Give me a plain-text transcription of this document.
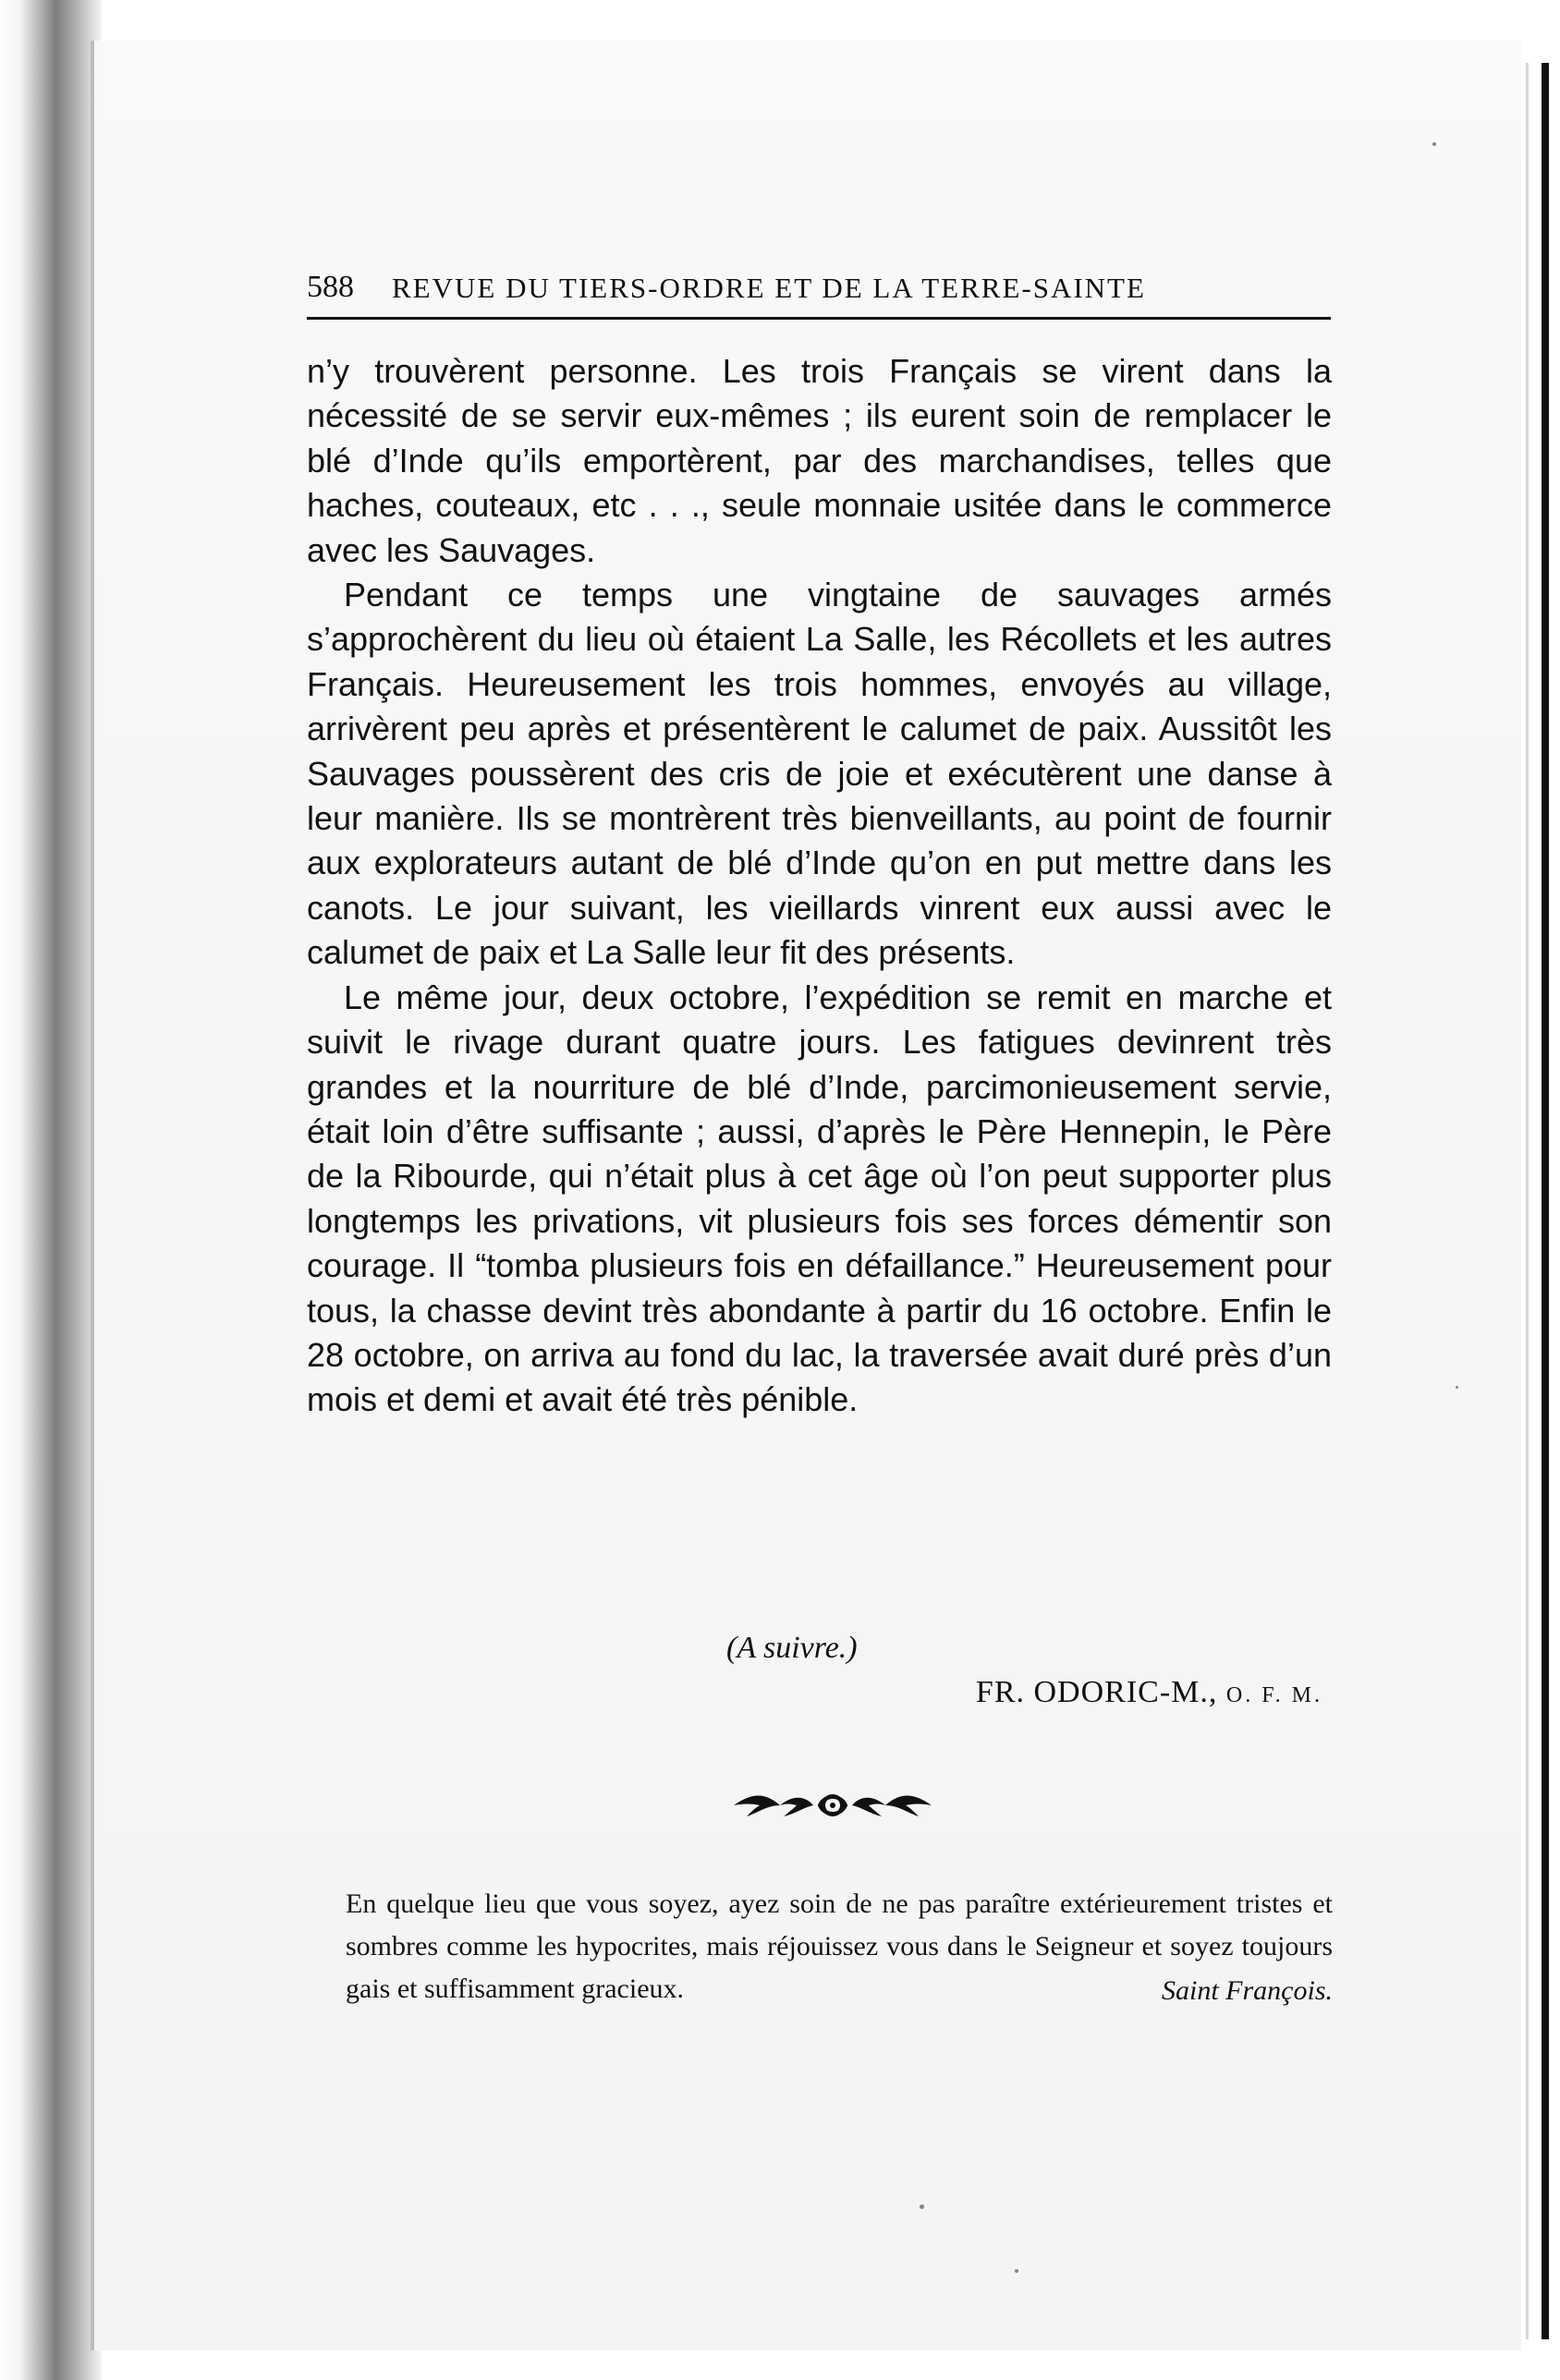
588	REVUE DU TIERS-ORDRE ET DE LA TERRE-SAINTE

n’y trouvèrent personne. Les trois Français se virent dans la nécessité de se servir eux-mêmes ; ils eurent soin de remplacer le blé d’Inde qu’ils emportèrent, par des marchandises, telles que haches, couteaux, etc . . ., seule monnaie usitée dans le commerce avec les Sauvages.

Pendant ce temps une vingtaine de sauvages armés s’approchèrent du lieu où étaient La Salle, les Récollets et les autres Français. Heureusement les trois hommes, envoyés au village, arrivèrent peu après et présentèrent le calumet de paix. Aussitôt les Sauvages poussèrent des cris de joie et exécutèrent une danse à leur manière. Ils se montrèrent très bienveillants, au point de fournir aux explorateurs autant de blé d’Inde qu’on en put mettre dans les canots. Le jour suivant, les vieillards vinrent eux aussi avec le calumet de paix et La Salle leur fit des présents.

Le même jour, deux octobre, l’expédition se remit en marche et suivit le rivage durant quatre jours. Les fatigues devinrent très grandes et la nourriture de blé d’Inde, parcimonieusement servie, était loin d’être suffisante ; aussi, d’après le Père Hennepin, le Père de la Ribourde, qui n’était plus à cet âge où l’on peut supporter plus longtemps les privations, vit plusieurs fois ses forces démentir son courage. Il “tomba plusieurs fois en défaillance.” Heureusement pour tous, la chasse devint très abondante à partir du 16 octobre. Enfin le 28 octobre, on arriva au fond du lac, la traversée avait duré près d’un mois et demi et avait été très pénible.

(A suivre.)
FR. ODORIC-M., O. F. M.

En quelque lieu que vous soyez, ayez soin de ne pas paraître extérieurement tristes et sombres comme les hypocrites, mais réjouissez vous dans le Seigneur et soyez toujours gais et suffisamment gracieux.	Saint François.
